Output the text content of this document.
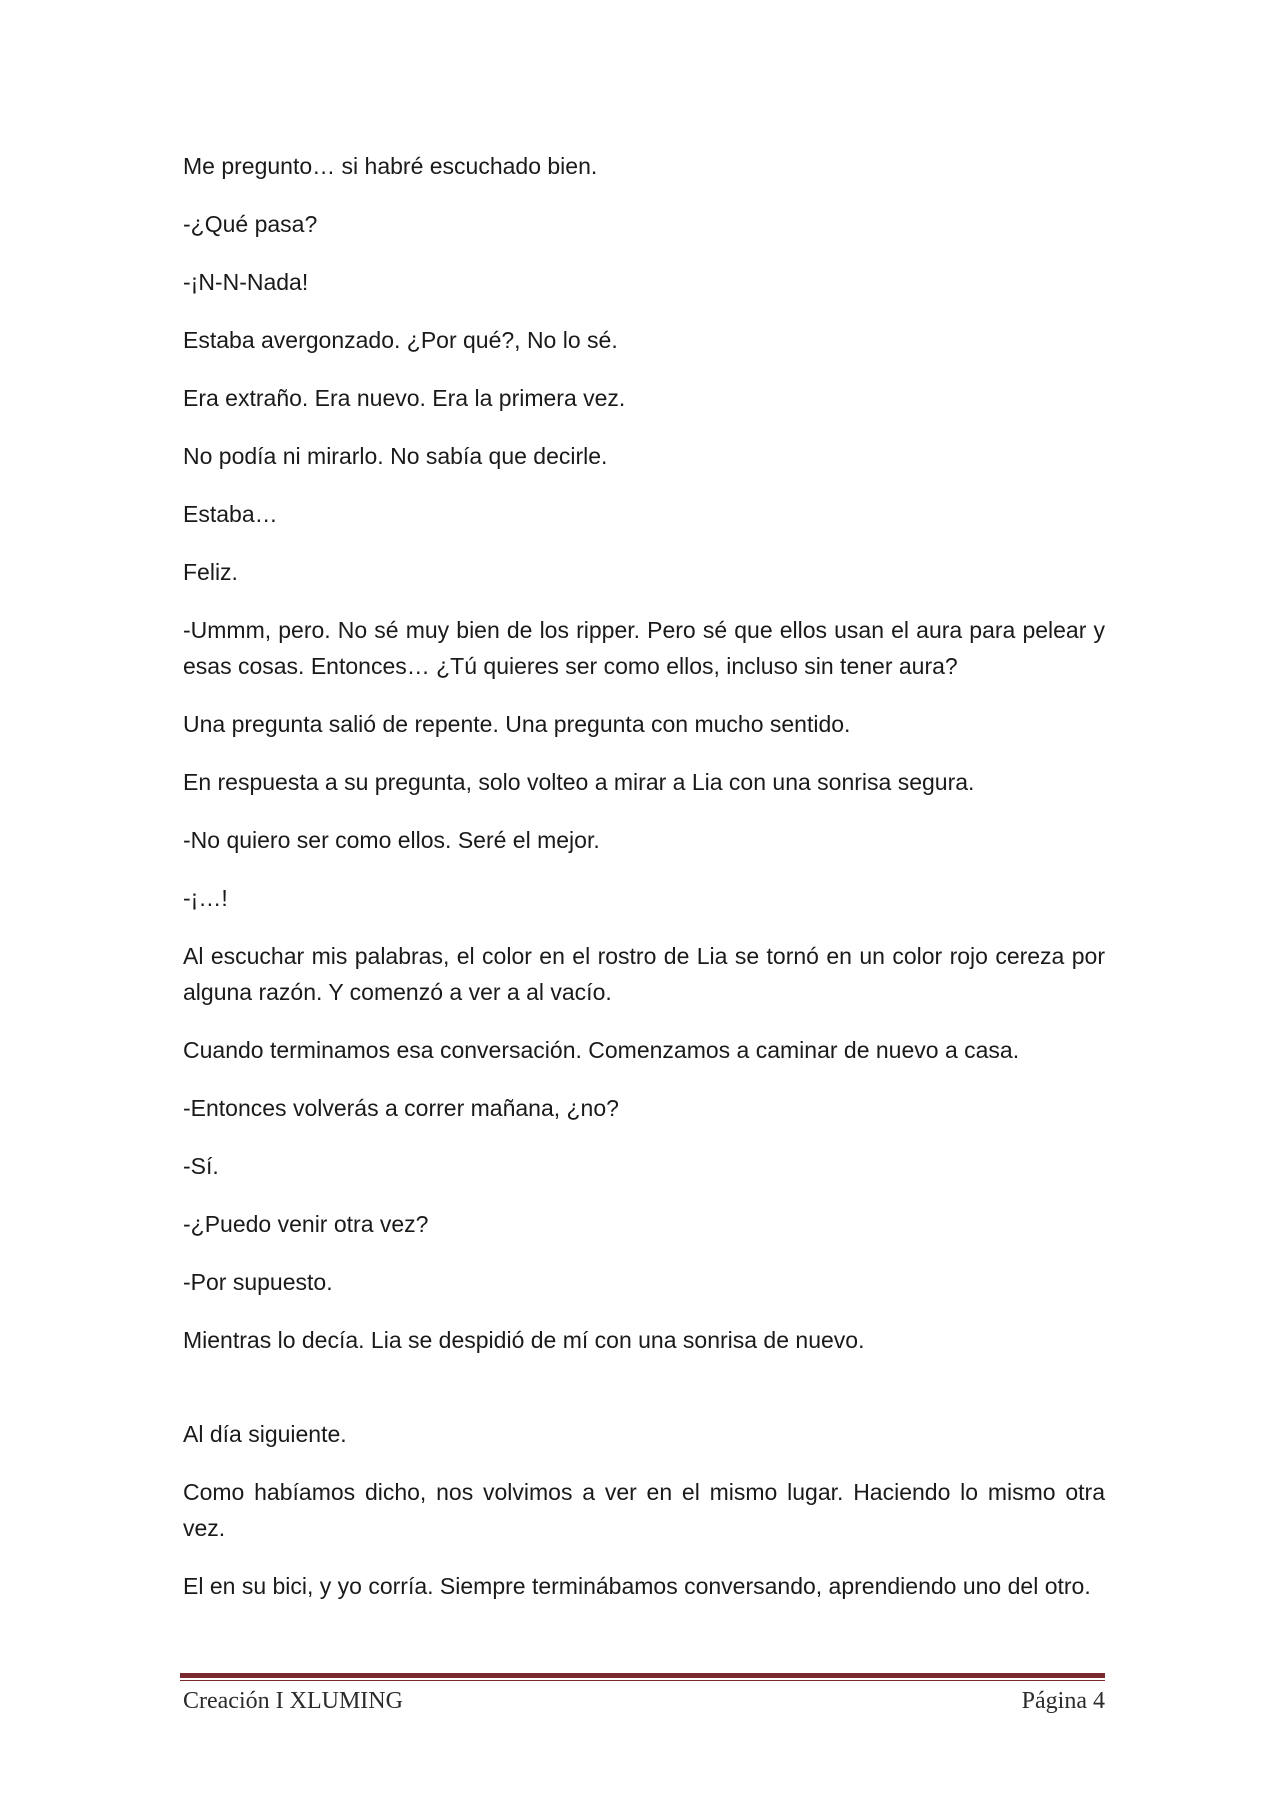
Me pregunto… si habré escuchado bien.

-¿Qué pasa?

-¡N-N-Nada!

Estaba avergonzado. ¿Por qué?, No lo sé.

Era extraño. Era nuevo. Era la primera vez.

No podía ni mirarlo. No sabía que decirle.

Estaba…

Feliz.

-Ummm, pero. No sé muy bien de los ripper. Pero sé que ellos usan el aura para pelear y esas cosas. Entonces… ¿Tú quieres ser como ellos, incluso sin tener aura?

Una pregunta salió de repente. Una pregunta con mucho sentido.

En respuesta a su pregunta, solo volteo a mirar a Lia con una sonrisa segura.

-No quiero ser como ellos. Seré el mejor.

-¡…!

Al escuchar mis palabras, el color en el rostro de Lia se tornó en un color rojo cereza por alguna razón. Y comenzó a ver a al vacío.

Cuando terminamos esa conversación. Comenzamos a caminar de nuevo a casa.

-Entonces volverás a correr mañana, ¿no?

-Sí.

-¿Puedo venir otra vez?

-Por supuesto.

Mientras lo decía. Lia se despidió de mí con una sonrisa de nuevo.

Al día siguiente.

Como habíamos dicho, nos volvimos a ver en el mismo lugar. Haciendo lo mismo otra vez.

El en su bici, y yo corría. Siempre terminábamos conversando, aprendiendo uno del otro.

Creación I XLUMING	Página 4
